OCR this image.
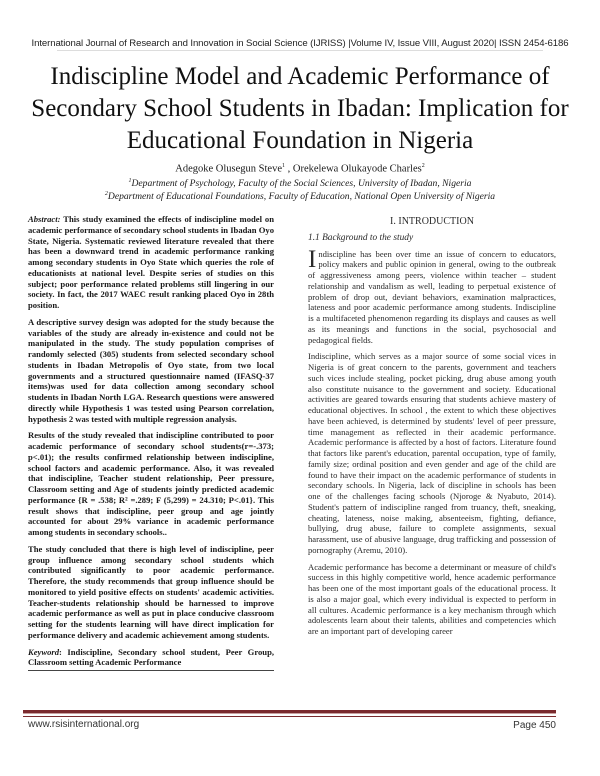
International Journal of Research and Innovation in Social Science (IJRISS) |Volume IV, Issue VIII, August 2020| ISSN 2454-6186
Indiscipline Model and Academic Performance of Secondary School Students in Ibadan: Implication for Educational Foundation in Nigeria
Adegoke Olusegun Steve$^1$ , Orekelewa Olukayode Charles$^2$
$^1$Department of Psychology, Faculty of the Social Sciences, University of Ibadan, Nigeria
$^2$Department of Educational Foundations, Faculty of Education, National Open University of Nigeria

Abstract: This study examined the effects of indiscipline model on academic performance of secondary school students in Ibadan Oyo State, Nigeria. Systematic reviewed literature revealed that there has been a downward trend in academic performance ranking among secondary students in Oyo State which queries the role of educationists at national level. Despite series of studies on this subject; poor performance related problems still lingering in our society. In fact, the 2017 WAEC result ranking placed Oyo in 28th position.

A descriptive survey design was adopted for the study because the variables of the study are already in-existence and could not be manipulated in the study. The study population comprises of randomly selected (305) students from selected secondary school students in Ibadan Metropolis of Oyo state, from two local governments and a structured questionnaire named (IFASQ-37 items)was used for data collection among secondary school students in Ibadan North LGA. Research questions were answered directly while Hypothesis 1 was tested using Pearson correlation, hypothesis 2 was tested with multiple regression analysis.

Results of the study revealed that indiscipline contributed to poor academic performance of secondary school students(r=-.373; p<.01); the results confirmed relationship between indiscipline, school factors and academic performance. Also, it was revealed that indiscipline, Teacher student relationship, Peer pressure, Classroom setting and Age of students jointly predicted academic performance {R = .538; R² =.289; F (5,299) = 24.310; P<.01}. This result shows that indiscipline, peer group and age jointly accounted for about 29% variance in academic performance among students in secondary schools..

The study concluded that there is high level of indiscipline, peer group influence among secondary school students which contributed significantly to poor academic performance. Therefore, the study recommends that group influence should be monitored to yield positive effects on students' academic activities. Teacher-students relationship should be harnessed to improve academic performance as well as put in place conducive classroom setting for the students learning will have direct implication for performance delivery and academic achievement among students.

Keyword: Indiscipline, Secondary school student, Peer Group, Classroom setting Academic Performance
I. INTRODUCTION
1.1 Background to the study

Indiscipline has been over time an issue of concern to educators, policy makers and public opinion in general, owing to the outbreak of aggressiveness among peers, violence within teacher – student relationship and vandalism as well, leading to perpetual existence of problem of drop out, deviant behaviors, examination malpractices, lateness and poor academic performance among students. Indiscipline is a multifaceted phenomenon regarding its displays and causes as well as its meanings and functions in the social, psychosocial and pedagogical fields.

Indiscipline, which serves as a major source of some social vices in Nigeria is of great concern to the parents, government and teachers such vices include stealing, pocket picking, drug abuse among youth also constitute nuisance to the government and society. Educational activities are geared towards ensuring that students achieve mastery of educational objectives. In school , the extent to which these objectives have been achieved, is determined by students' level of peer pressure, time management as reflected in their academic performance. Academic performance is affected by a host of factors. Literature found that factors like parent's education, parental occupation, type of family, family size; ordinal position and even gender and age of the child are found to have their impact on the academic performance of students in secondary schools. In Nigeria, lack of discipline in schools has been one of the challenges facing schools (Njoroge & Nyabuto, 2014). Student's pattern of indiscipline ranged from truancy, theft, sneaking, cheating, lateness, noise making, absenteeism, fighting, defiance, bullying, drug abuse, failure to complete assignments, sexual harassment, use of abusive language, drug trafficking and possession of pornography (Aremu, 2010).

Academic performance has become a determinant or measure of child's success in this highly competitive world, hence academic performance has been one of the most important goals of the educational process. It is also a major goal, which every individual is expected to perform in all cultures. Academic performance is a key mechanism through which adolescents learn about their talents, abilities and competencies which are an important part of developing career

www.rsisinternational.org	Page 450
